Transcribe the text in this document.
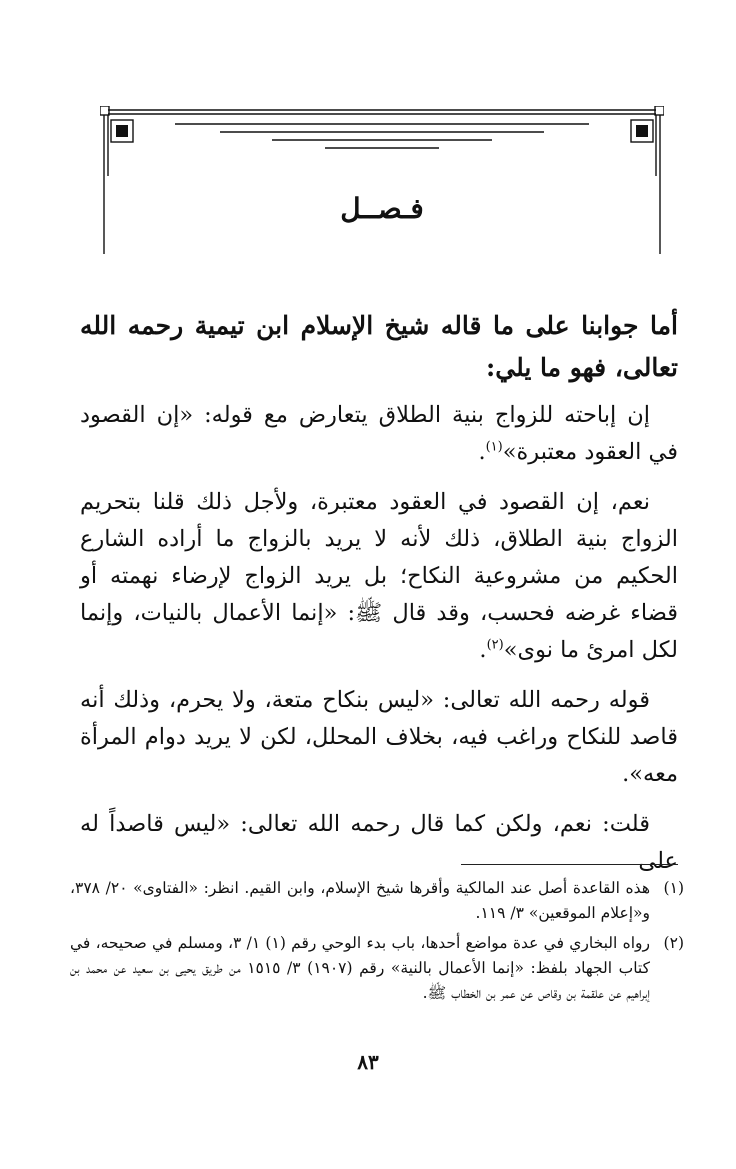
فـصــل

أما جوابنا على ما قاله شيخ الإسلام ابن تيمية رحمه الله تعالى، فهو ما يلي:

إن إباحته للزواج بنية الطلاق يتعارض مع قوله: «إن القصود في العقود معتبرة»$^{(١)}$.

نعم، إن القصود في العقود معتبرة، ولأجل ذلك قلنا بتحريم الزواج بنية الطلاق، ذلك لأنه لا يريد بالزواج ما أراده الشارع الحكيم من مشروعية النكاح؛ بل يريد الزواج لإرضاء نهمته أو قضاء غرضه فحسب، وقد قال ﷺ: «إنما الأعمال بالنيات، وإنما لكل امرئ ما نوى»$^{(٢)}$.

قوله رحمه الله تعالى: «ليس بنكاح متعة، ولا يحرم، وذلك أنه قاصد للنكاح وراغب فيه، بخلاف المحلل، لكن لا يريد دوام المرأة معه».

قلت: نعم، ولكن كما قال رحمه الله تعالى: «ليس قاصداً له على

(١)
هذه القاعدة أصل عند المالكية وأقرها شيخ الإسلام، وابن القيم. انظر: «الفتاوى» ٢٠/ ٣٧٨، و«إعلام الموقعين» ٣/ ١١٩.
(٢)
رواه البخاري في عدة مواضع أحدها، باب بدء الوحي رقم (١) ١/ ٣، ومسلم في صحيحه، في كتاب الجهاد بلفظ: «إنما الأعمال بالنية» رقم (١٩٠٧) ٣/ ١٥١٥ من طريق يحيى بن سعيد عن محمد بن إبراهيم عن علقمة بن وقاص عن عمر بن الخطاب ﷺ.
٨٣
